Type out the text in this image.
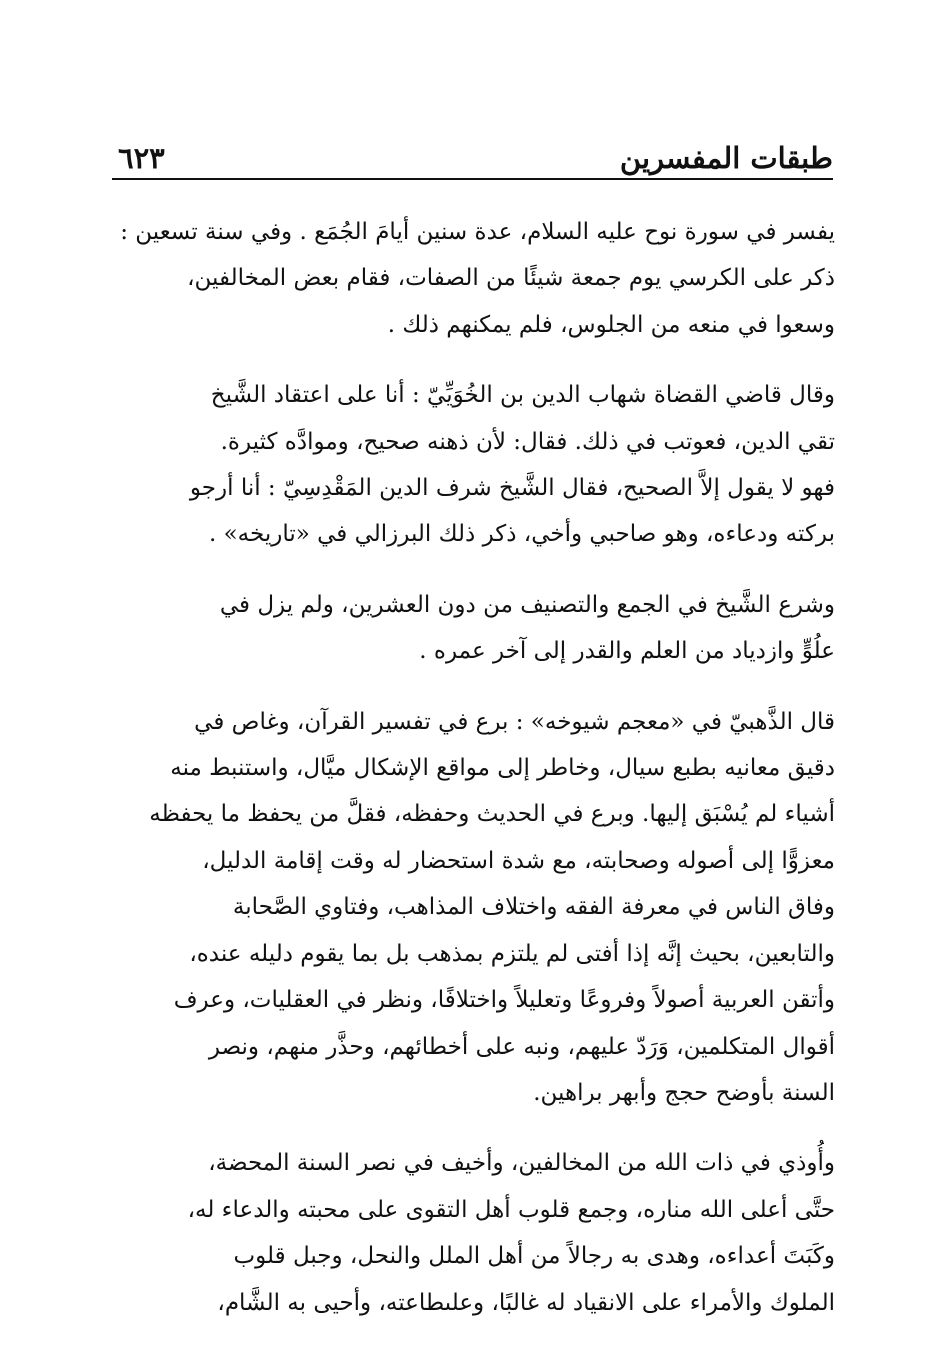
طبقات المفسرين
٦٢٣

يفسر في سورة نوح عليه السلام، عدة سنين أيامَ الجُمَع . وفي سنة تسعين :
ذكر على الكرسي يوم جمعة شيئًا من الصفات، فقام بعض المخالفين،
وسعوا في منعه من الجلوس، فلم يمكنهم ذلك .

وقال قاضي القضاة شهاب الدين بن الخُوَيِّيّ : أنا على اعتقاد الشَّيخ
تقي الدين، فعوتب في ذلك. فقال: لأن ذهنه صحيح، وموادَّه كثيرة.
فهو لا يقول إلاَّ الصحيح، فقال الشَّيخ شرف الدين المَقْدِسِيّ : أنا أرجو
بركته ودعاءه، وهو صاحبي وأخي، ذكر ذلك البرزالي في «تاريخه» .

وشرع الشَّيخ في الجمع والتصنيف من دون العشرين، ولم يزل في
علُوٍّ وازدياد من العلم والقدر إلى آخر عمره .

قال الذَّهبيّ في «معجم شيوخه» : برع في تفسير القرآن، وغاص في
دقيق معانيه بطبع سيال، وخاطر إلى مواقع الإشكال ميَّال، واستنبط منه
أشياء لم يُسْبَق إليها. وبرع في الحديث وحفظه، فقلَّ من يحفظ ما يحفظه
معزوًّا إلى أصوله وصحابته، مع شدة استحضار له وقت إقامة الدليل،
وفاق الناس في معرفة الفقه واختلاف المذاهب، وفتاوي الصَّحابة
والتابعين، بحيث إنَّه إذا أفتى لم يلتزم بمذهب بل بما يقوم دليله عنده،
وأتقن العربية أصولاً وفروعًا وتعليلاً واختلافًا، ونظر في العقليات، وعرف
أقوال المتكلمين، وَرَدّ عليهم، ونبه على أخطائهم، وحذَّر منهم، ونصر
السنة بأوضح حجج وأبهر براهين.

وأُوذي في ذات الله من المخالفين، وأخيف في نصر السنة المحضة،
حتَّى أعلى الله مناره، وجمع قلوب أهل التقوى على محبته والدعاء له،
وكَبَتَ أعداءه، وهدى به رجالاً من أهل الملل والنحل، وجبل قلوب
الملوك والأمراء على الانقياد له غالبًا، وعلىطاعته، وأحيى به الشَّام،
